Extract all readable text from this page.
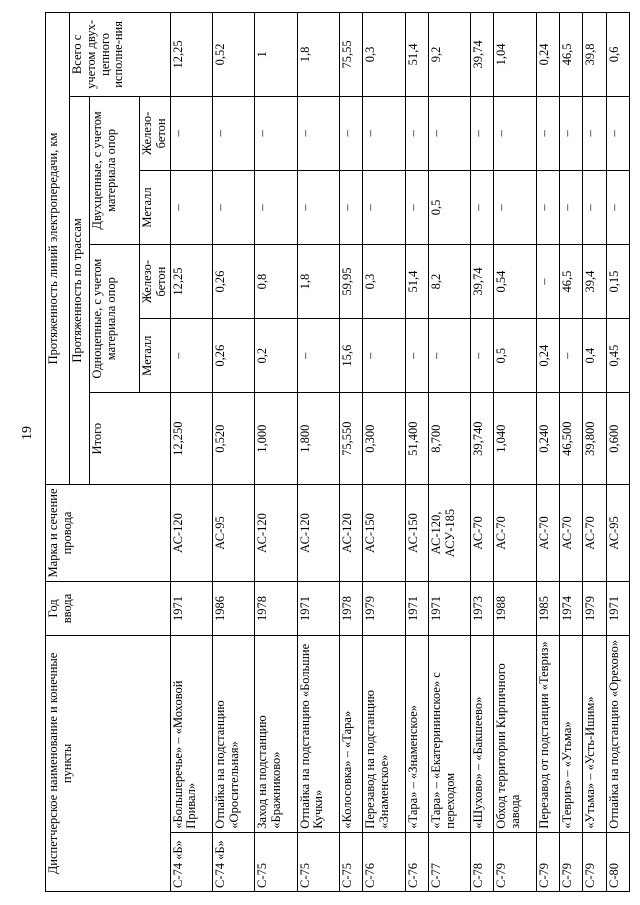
19
Диспетчерское наименование и конечные пункты		Год ввода	Марка и сечение провода	Протяженность линий электропередачи, км					
				Протяженность по трассам					Всего с учетом двух-цепного исполне-ния
				Итого	Одноцепные, с учетом материала опор		Двухцепные, с учетом материала опор		
					Металл	Железо-бетон	Металл	Железо-бетон	
С-74 «Б»	«Большеречье» – «Моховой Привал»	1971	АС-120	12,250	–	12,25	–	–	12,25
С-74 «Б»	Отпайка на подстанцию «Оросительная»	1986	АС-95	0,520	0,26	0,26	–	–	0,52
С-75	Заход на подстанцию «Бражниково»	1978	АС-120	1,000	0,2	0,8	–	–	1
С-75	Отпайка на подстанцию «Большие Кучки»	1971	АС-120	1,800	–	1,8	–	–	1,8
С-75	«Колосовка» – «Тара»	1978	АС-120	75,550	15,6	59,95	–	–	75,55
С-76	Перезавод на подстанцию «Знаменское»	1979	АС-150	0,300	–	0,3	–	–	0,3
С-76	«Тара» – «Знаменское»	1971	АС-150	51,400	–	51,4	–	–	51,4
С-77	«Тара» – «Екатерининское» с переходом	1971	АС-120, АСУ-185	8,700	–	8,2	0,5	–	9,2
С-78	«Шухово» – «Бакшеево»	1973	АС-70	39,740	–	39,74	–	–	39,74
С-79	Обход территории Кирпичного завода	1988	АС-70	1,040	0,5	0,54	–	–	1,04
С-79	Перезавод от подстанции «Тевриз»	1985	АС-70	0,240	0,24	–	–	–	0,24
С-79	«Тевриз» – «Утьма»	1974	АС-70	46,500	–	46,5	–	–	46,5
С-79	«Утьма» – «Усть-Ишим»	1979	АС-70	39,800	0,4	39,4	–	–	39,8
С-80	Отпайка на подстанцию «Орехово»	1971	АС-95	0,600	0,45	0,15	–	–	0,6
